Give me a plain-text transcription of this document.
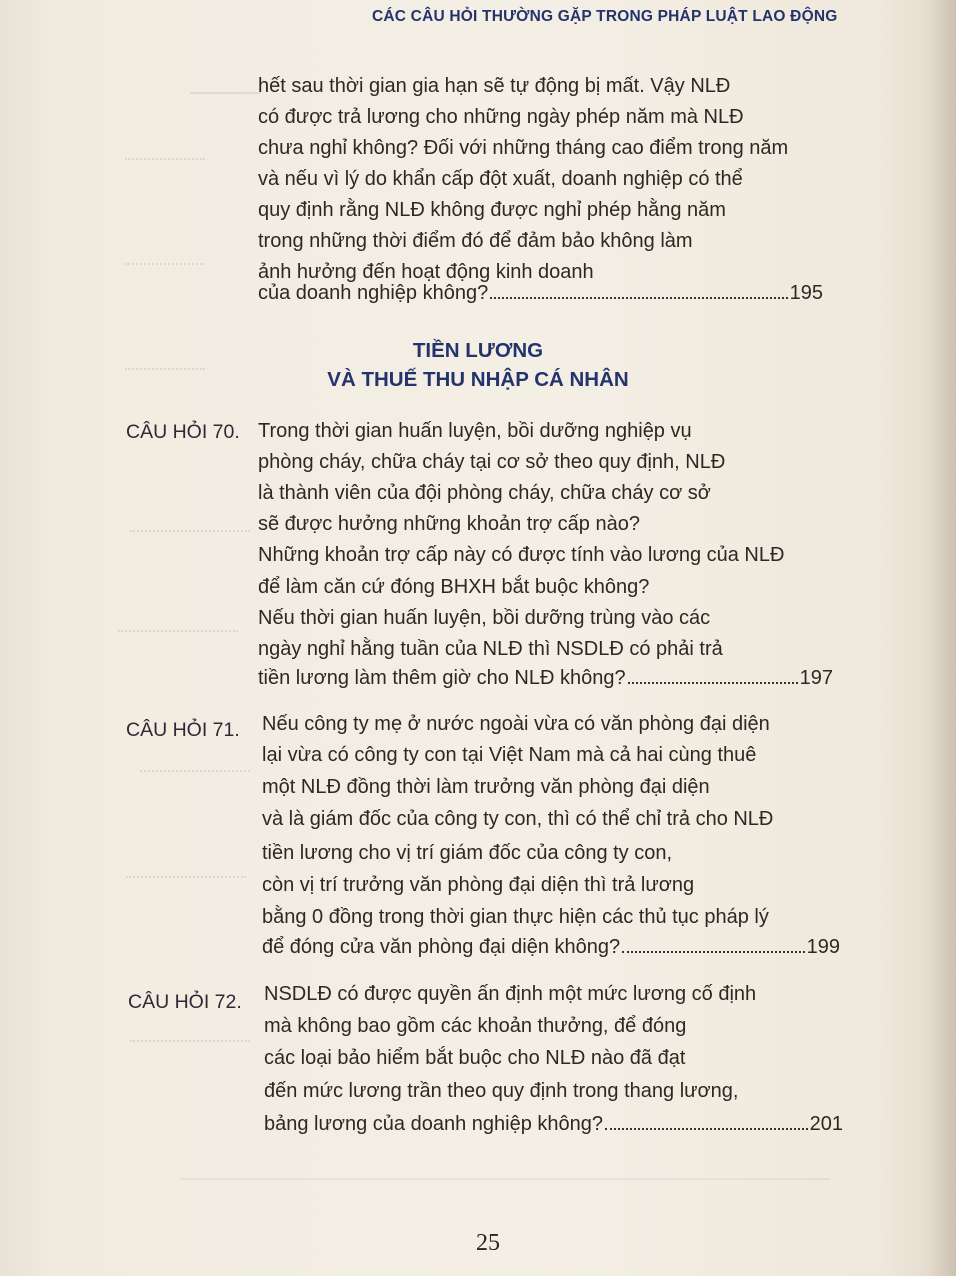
CÁC CÂU HỎI THƯỜNG GẶP TRONG PHÁP LUẬT LAO ĐỘNG
hết sau thời gian gia hạn sẽ tự động bị mất. Vậy NLĐ
có được trả lương cho những ngày phép năm mà NLĐ
chưa nghỉ không? Đối với những tháng cao điểm trong năm
và nếu vì lý do khẩn cấp đột xuất, doanh nghiệp có thể
quy định rằng NLĐ không được nghỉ phép hằng năm
trong những thời điểm đó để đảm bảo không làm
ảnh hưởng đến hoạt động kinh doanh
của doanh nghiệp không?	195
TIỀN LƯƠNG
VÀ THUẾ THU NHẬP CÁ NHÂN
CÂU HỎI 70. Trong thời gian huấn luyện, bồi dưỡng nghiệp vụ
phòng cháy, chữa cháy tại cơ sở theo quy định, NLĐ
là thành viên của đội phòng cháy, chữa cháy cơ sở
sẽ được hưởng những khoản trợ cấp nào?
Những khoản trợ cấp này có được tính vào lương của NLĐ
để làm căn cứ đóng BHXH bắt buộc không?
Nếu thời gian huấn luyện, bồi dưỡng trùng vào các
ngày nghỉ hằng tuần của NLĐ thì NSDLĐ có phải trả
tiền lương làm thêm giờ cho NLĐ không?	197
CÂU HỎI 71. Nếu công ty mẹ ở nước ngoài vừa có văn phòng đại diện
lại vừa có công ty con tại Việt Nam mà cả hai cùng thuê
một NLĐ đồng thời làm trưởng văn phòng đại diện
và là giám đốc của công ty con, thì có thể chỉ trả cho NLĐ
tiền lương cho vị trí giám đốc của công ty con,
còn vị trí trưởng văn phòng đại diện thì trả lương
bằng 0 đồng trong thời gian thực hiện các thủ tục pháp lý
để đóng cửa văn phòng đại diện không?	199
CÂU HỎI 72. NSDLĐ có được quyền ấn định một mức lương cố định
mà không bao gồm các khoản thưởng, để đóng
các loại bảo hiểm bắt buộc cho NLĐ nào đã đạt
đến mức lương trần theo quy định trong thang lương,
bảng lương của doanh nghiệp không?	201
25
